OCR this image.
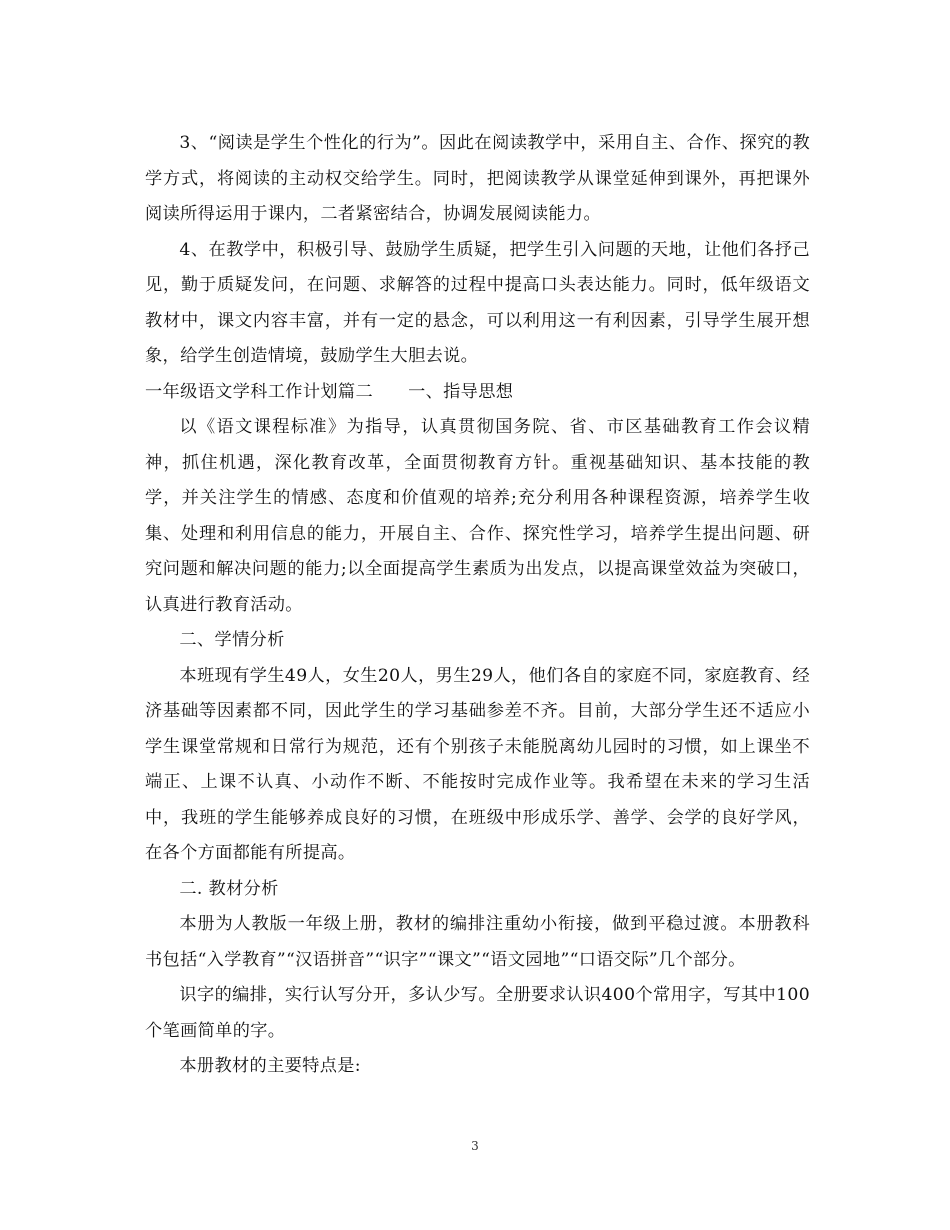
3、“阅读是学生个性化的行为”。因此在阅读教学中，采用自主、合作、探究的教学方式，将阅读的主动权交给学生。同时，把阅读教学从课堂延伸到课外，再把课外阅读所得运用于课内，二者紧密结合，协调发展阅读能力。

4、在教学中，积极引导、鼓励学生质疑，把学生引入问题的天地，让他们各抒己见，勤于质疑发问，在问题、求解答的过程中提高口头表达能力。同时，低年级语文教材中，课文内容丰富，并有一定的悬念，可以利用这一有利因素，引导学生展开想象，给学生创造情境，鼓励学生大胆去说。

一年级语文学科工作计划篇二　　一、指导思想

以《语文课程标准》为指导，认真贯彻国务院、省、市区基础教育工作会议精神，抓住机遇，深化教育改革，全面贯彻教育方针。重视基础知识、基本技能的教学，并关注学生的情感、态度和价值观的培养;充分利用各种课程资源，培养学生收集、处理和利用信息的能力，开展自主、合作、探究性学习，培养学生提出问题、研究问题和解决问题的能力;以全面提高学生素质为出发点，以提高课堂效益为突破口，认真进行教育活动。

二、学情分析

本班现有学生49人，女生20人，男生29人，他们各自的家庭不同，家庭教育、经济基础等因素都不同，因此学生的学习基础参差不齐。目前，大部分学生还不适应小学生课堂常规和日常行为规范，还有个别孩子未能脱离幼儿园时的习惯，如上课坐不端正、上课不认真、小动作不断、不能按时完成作业等。我希望在未来的学习生活中，我班的学生能够养成良好的习惯，在班级中形成乐学、善学、会学的良好学风，在各个方面都能有所提高。

二. 教材分析

本册为人教版一年级上册，教材的编排注重幼小衔接，做到平稳过渡。本册教科书包括“入学教育”“汉语拼音”“识字”“课文”“语文园地”“口语交际”几个部分。

识字的编排，实行认写分开，多认少写。全册要求认识400个常用字，写其中100个笔画简单的字。

本册教材的主要特点是:

3
